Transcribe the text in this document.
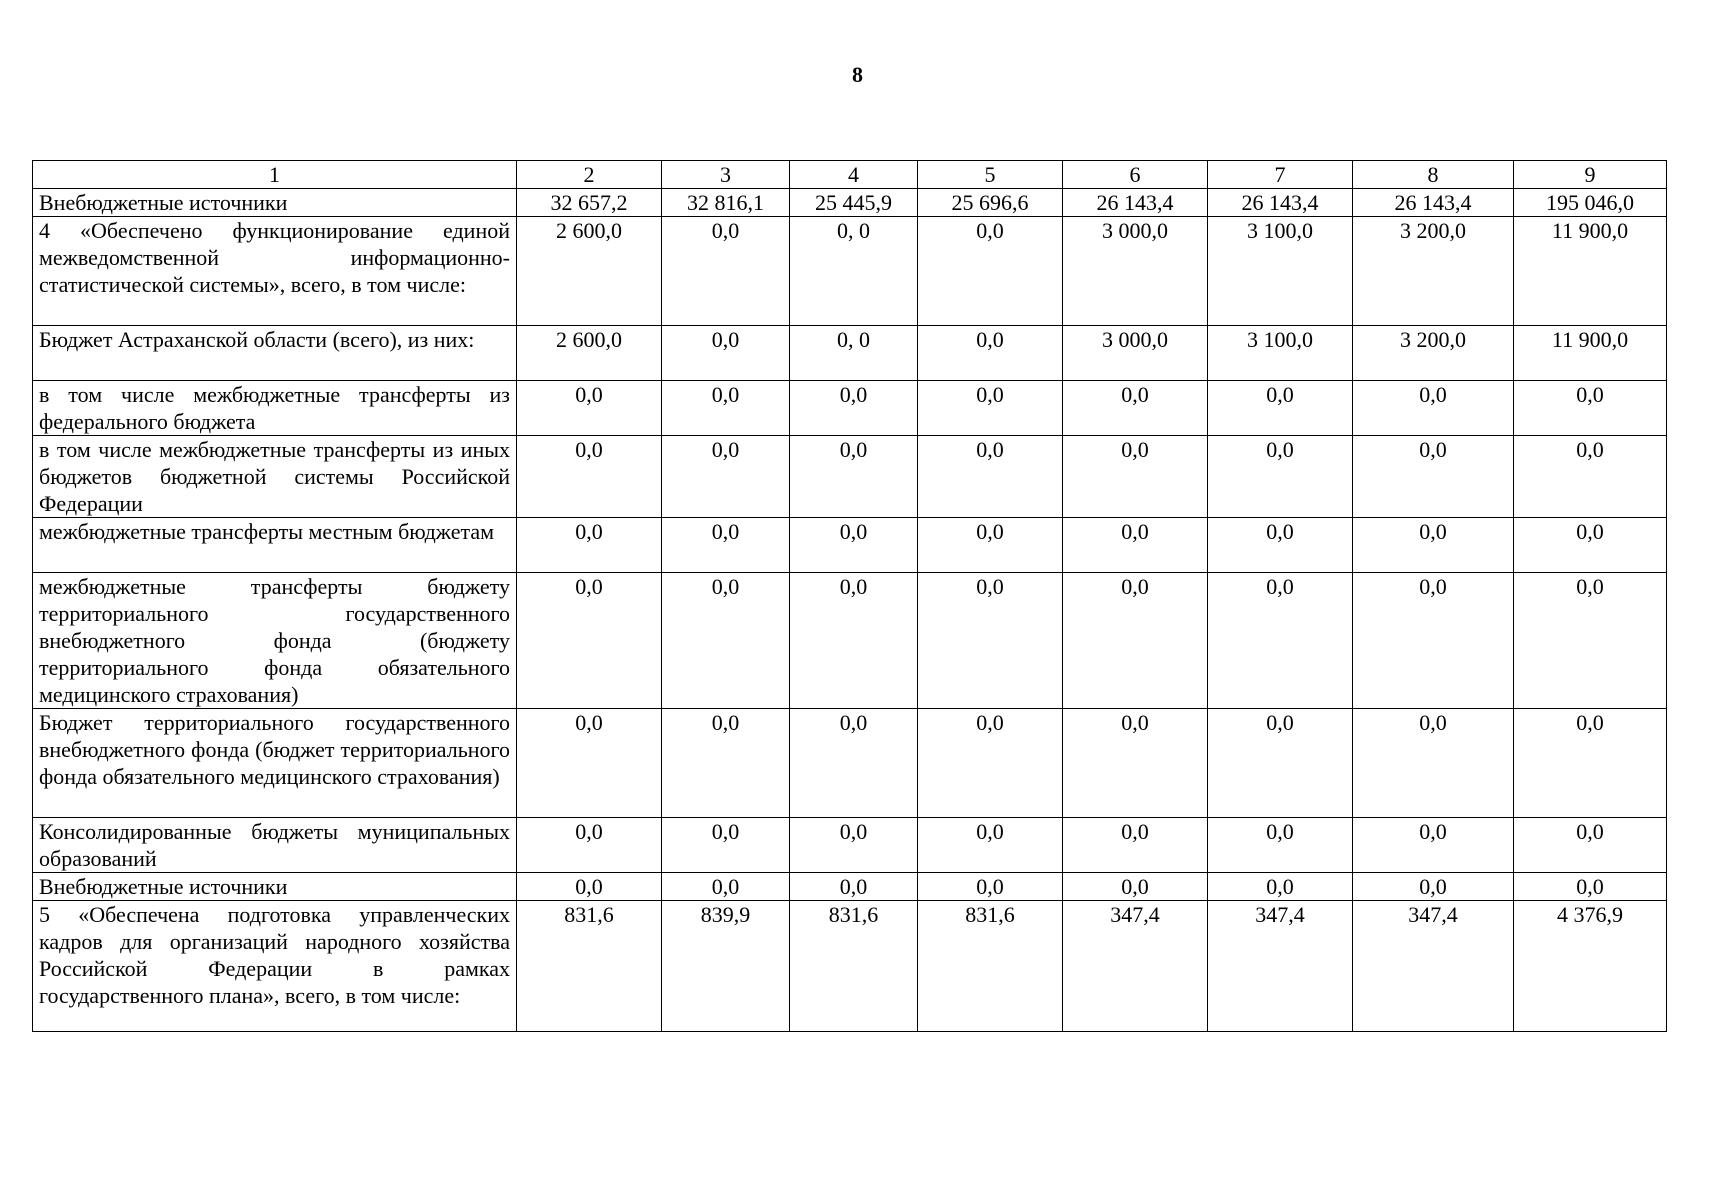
8
1	2	3	4	5	6	7	8	9
Внебюджетные источники	32 657,2	32 816,1	25 445,9	25 696,6	26 143,4	26 143,4	26 143,4	195 046,0
4 «Обеспечено функционирование единой межведомственной информационно-статистической системы», всего, в том числе:	2 600,0	0,0	0, 0	0,0	3 000,0	3 100,0	3 200,0	11 900,0
Бюджет Астраханской области (всего), из них:	2 600,0	0,0	0, 0	0,0	3 000,0	3 100,0	3 200,0	11 900,0
в том числе межбюджетные трансферты из федерального бюджета	0,0	0,0	0,0	0,0	0,0	0,0	0,0	0,0
в том числе межбюджетные трансферты из иных бюджетов бюджетной системы Российской Федерации	0,0	0,0	0,0	0,0	0,0	0,0	0,0	0,0
межбюджетные трансферты местным бюджетам	0,0	0,0	0,0	0,0	0,0	0,0	0,0	0,0
межбюджетные трансферты бюджету территориального государственного внебюджетного фонда (бюджету территориального фонда обязательного медицинского страхования)	0,0	0,0	0,0	0,0	0,0	0,0	0,0	0,0
Бюджет территориального государственного внебюджетного фонда (бюджет территориального фонда обязательного медицинского страхования)	0,0	0,0	0,0	0,0	0,0	0,0	0,0	0,0
Консолидированные бюджеты муниципальных образований	0,0	0,0	0,0	0,0	0,0	0,0	0,0	0,0
Внебюджетные источники	0,0	0,0	0,0	0,0	0,0	0,0	0,0	0,0
5 «Обеспечена подготовка управленческих кадров для организаций народного хозяйства Российской Федерации в рамках государственного плана», всего, в том числе:	831,6	839,9	831,6	831,6	347,4	347,4	347,4	4 376,9
